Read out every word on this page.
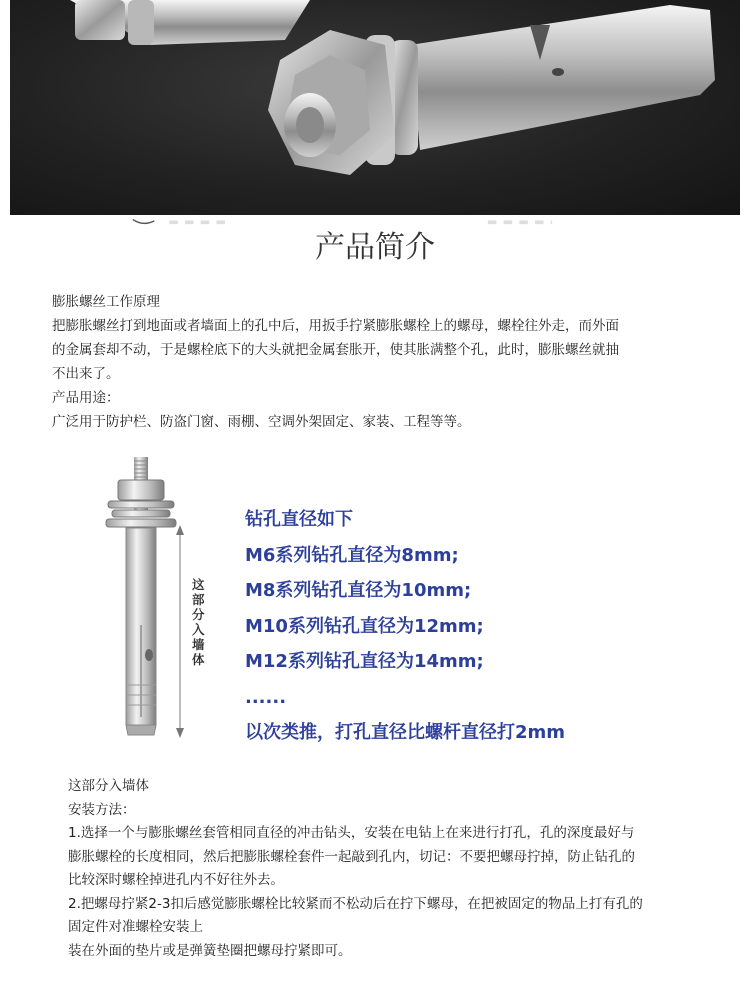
产品简介

膨胀螺丝工作原理

把膨胀螺丝打到地面或者墙面上的孔中后，用扳手拧紧膨胀螺栓上的螺母，螺栓往外走，而外面

的金属套却不动，于是螺栓底下的大头就把金属套胀开，使其胀满整个孔，此时，膨胀螺丝就抽

不出来了。

产品用途：

广泛用于防护栏、防盗门窗、雨棚、空调外架固定、家装、工程等等。

这部分入墙体

钻孔直径如下

M6系列钻孔直径为8mm;

M8系列钻孔直径为10mm;

M10系列钻孔直径为12mm;

M12系列钻孔直径为14mm;

......

以次类推，打孔直径比螺杆直径打2mm

这部分入墙体

安装方法：

1.选择一个与膨胀螺丝套管相同直径的冲击钻头，安装在电钻上在来进行打孔，孔的深度最好与

膨胀螺栓的长度相同，然后把膨胀螺栓套件一起敲到孔内，切记：不要把螺母拧掉，防止钻孔的

比较深时螺栓掉进孔内不好往外去。

2.把螺母拧紧2-3扣后感觉膨胀螺栓比较紧而不松动后在拧下螺母，在把被固定的物品上打有孔的

固定件对准螺栓安装上

装在外面的垫片或是弹簧垫圈把螺母拧紧即可。
